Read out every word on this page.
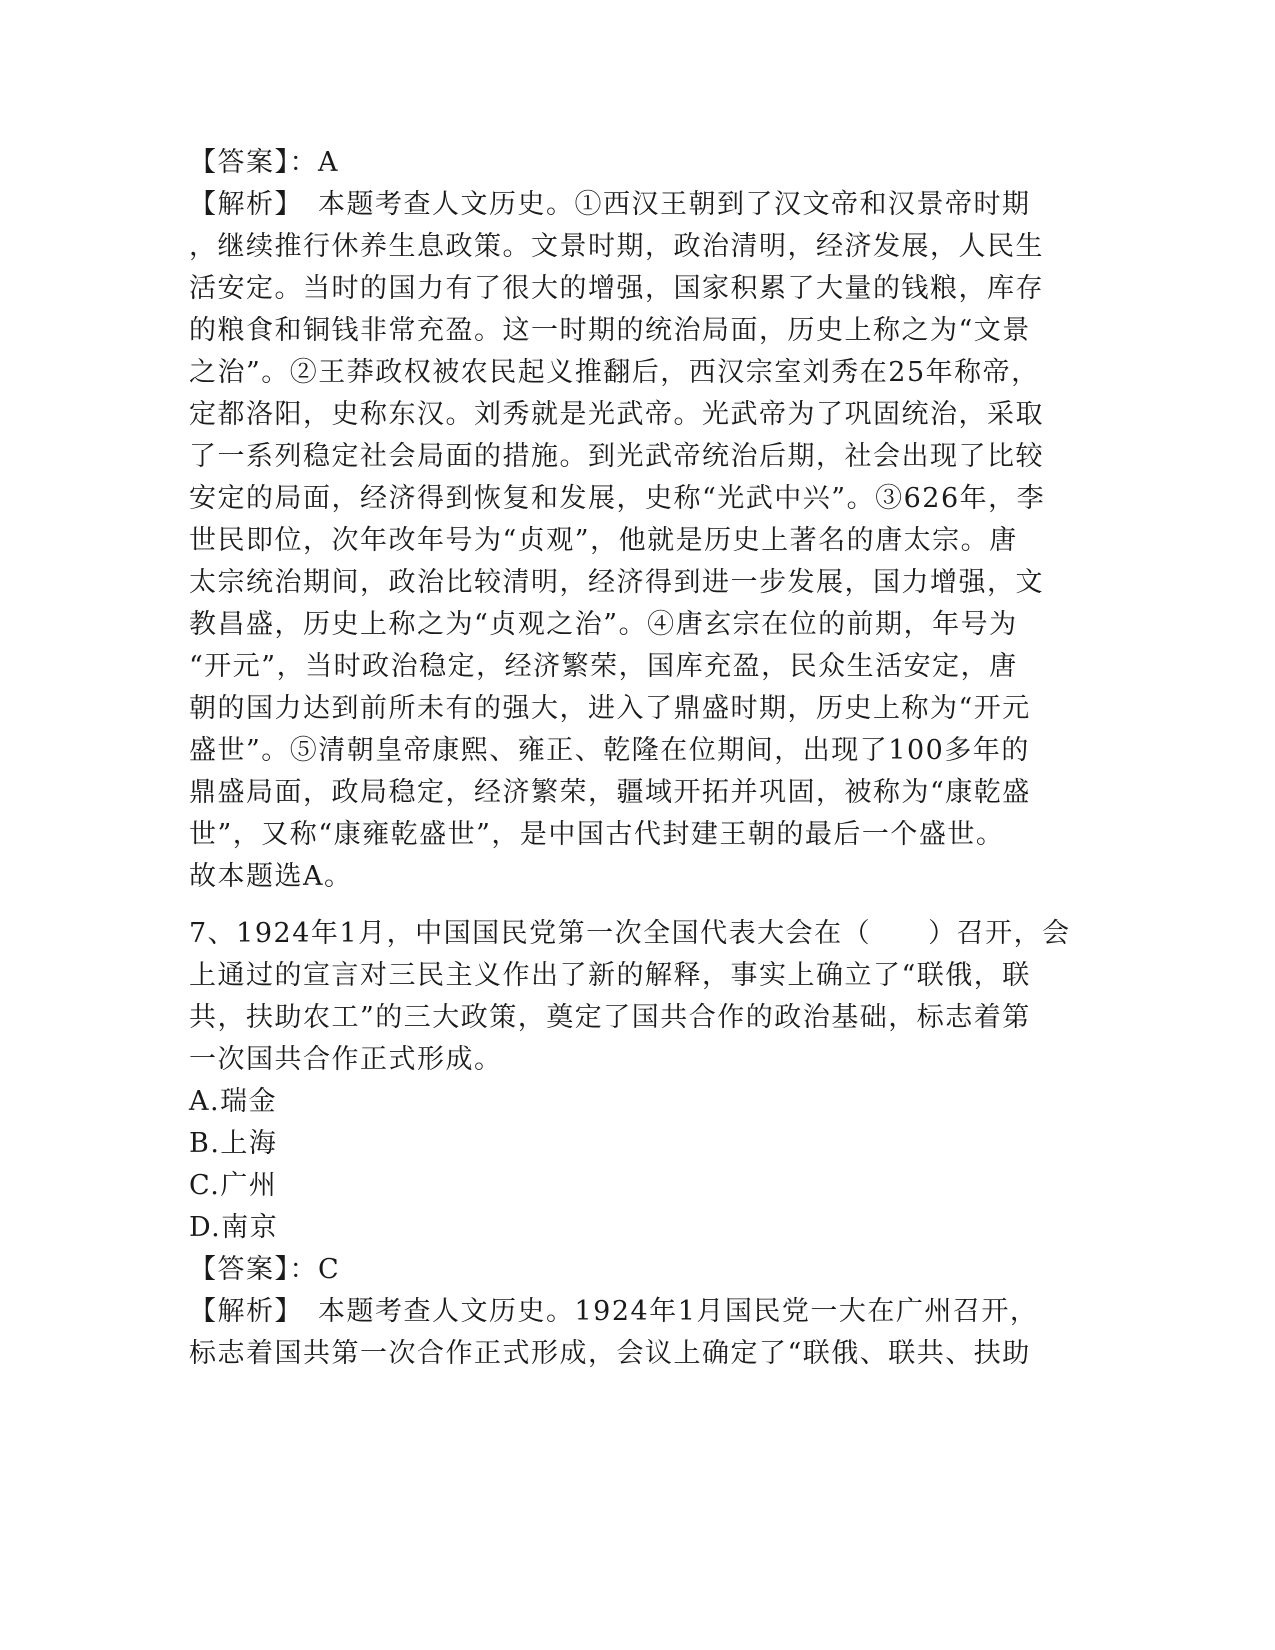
【答案】：A
【解析】　本题考查人文历史。①西汉王朝到了汉文帝和汉景帝时期
，继续推行休养生息政策。文景时期，政治清明，经济发展，人民生
活安定。当时的国力有了很大的增强，国家积累了大量的钱粮，库存
的粮食和铜钱非常充盈。这一时期的统治局面，历史上称之为“文景
之治”。②王莽政权被农民起义推翻后，西汉宗室刘秀在25年称帝，
定都洛阳，史称东汉。刘秀就是光武帝。光武帝为了巩固统治，采取
了一系列稳定社会局面的措施。到光武帝统治后期，社会出现了比较
安定的局面，经济得到恢复和发展，史称“光武中兴”。③626年，李
世民即位，次年改年号为“贞观”，他就是历史上著名的唐太宗。唐
太宗统治期间，政治比较清明，经济得到进一步发展，国力增强，文
教昌盛，历史上称之为“贞观之治”。④唐玄宗在位的前期，年号为
“开元”，当时政治稳定，经济繁荣，国库充盈，民众生活安定，唐
朝的国力达到前所未有的强大，进入了鼎盛时期，历史上称为“开元
盛世”。⑤清朝皇帝康熙、雍正、乾隆在位期间，出现了100多年的
鼎盛局面，政局稳定，经济繁荣，疆域开拓并巩固，被称为“康乾盛
世”，又称“康雍乾盛世”，是中国古代封建王朝的最后一个盛世。
故本题选A。
7、1924年1月，中国国民党第一次全国代表大会在（　　）召开，会
上通过的宣言对三民主义作出了新的解释，事实上确立了“联俄，联
共，扶助农工”的三大政策，奠定了国共合作的政治基础，标志着第
一次国共合作正式形成。
A.瑞金
B.上海
C.广州
D.南京
【答案】：C
【解析】　本题考查人文历史。1924年1月国民党一大在广州召开，
标志着国共第一次合作正式形成，会议上确定了“联俄、联共、扶助
